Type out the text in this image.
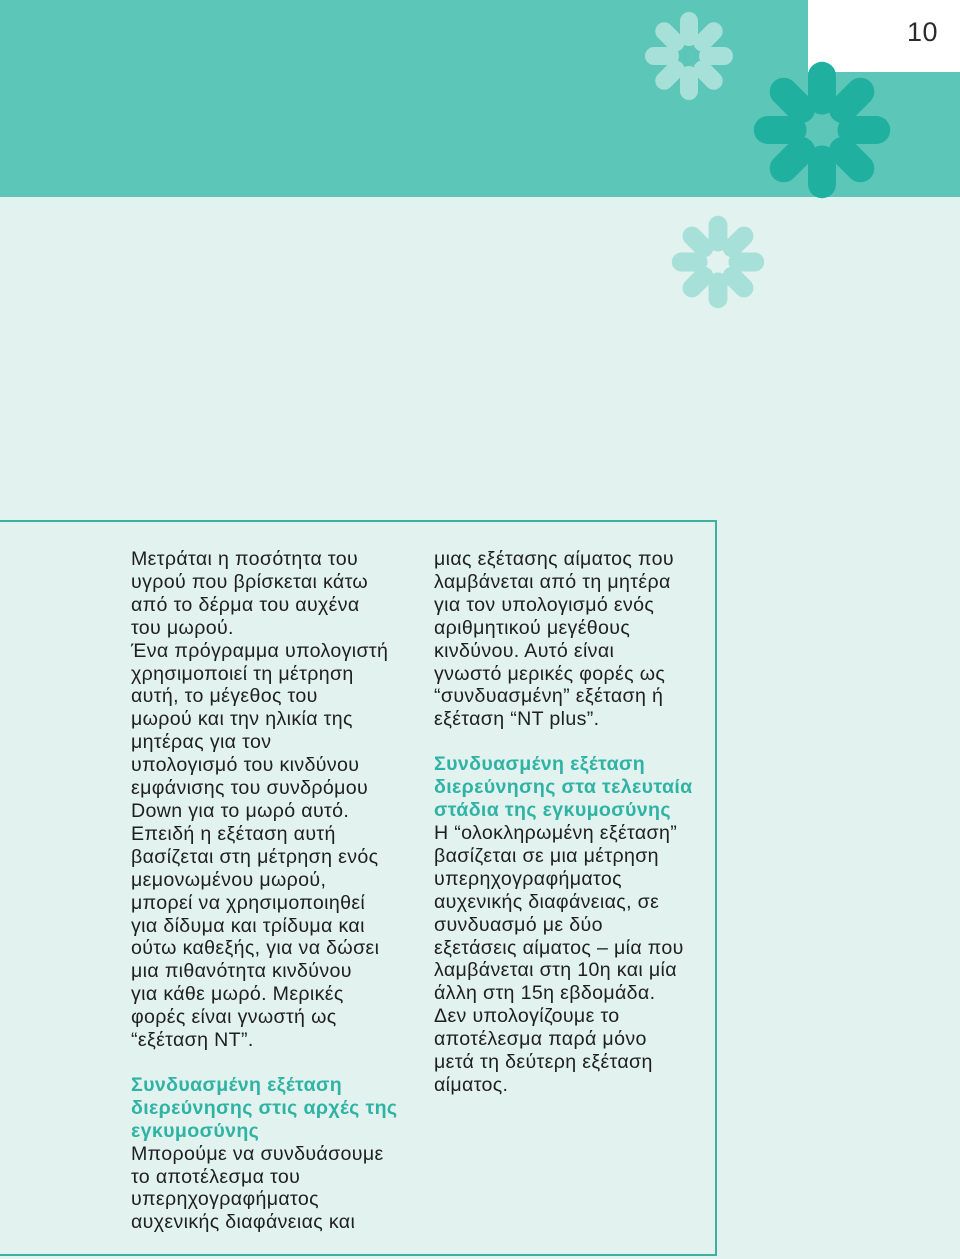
10

Μετράται η ποσότητα του
υγρού που βρίσκεται κάτω
από το δέρμα του αυχένα
του μωρού.
Ένα πρόγραμμα υπολογιστή
χρησιμοποιεί τη μέτρηση
αυτή, το μέγεθος του
μωρού και την ηλικία της
μητέρας για τον
υπολογισμό του κινδύνου
εμφάνισης του συνδρόμου
Down για το μωρό αυτό.
Επειδή η εξέταση αυτή
βασίζεται στη μέτρηση ενός
μεμονωμένου μωρού,
μπορεί να χρησιμοποιηθεί
για δίδυμα και τρίδυμα και
ούτω καθεξής, για να δώσει
μια πιθανότητα κινδύνου
για κάθε μωρό. Μερικές
φορές είναι γνωστή ως
“εξέταση NT”.

Συνδυασμένη εξέταση
διερεύνησης στις αρχές της
εγκυμοσύνης

Μπορούμε να συνδυάσουμε
το αποτέλεσμα του
υπερηχογραφήματος
αυχενικής διαφάνειας και

μιας εξέτασης αίματος που
λαμβάνεται από τη μητέρα
για τον υπολογισμό ενός
αριθμητικού μεγέθους
κινδύνου. Αυτό είναι
γνωστό μερικές φορές ως
“συνδυασμένη” εξέταση ή
εξέταση “NT plus”.

Συνδυασμένη εξέταση
διερεύνησης στα τελευταία
στάδια της εγκυμοσύνης

Η “ολοκληρωμένη εξέταση”
βασίζεται σε μια μέτρηση
υπερηχογραφήματος
αυχενικής διαφάνειας, σε
συνδυασμό με δύο
εξετάσεις αίματος – μία που
λαμβάνεται στη 10η και μία
άλλη στη 15η εβδομάδα.
Δεν υπολογίζουμε το
αποτέλεσμα παρά μόνο
μετά τη δεύτερη εξέταση
αίματος.
